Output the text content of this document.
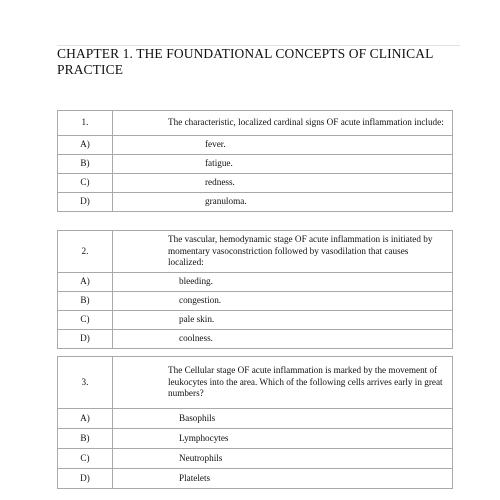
CHAPTER 1. THE FOUNDATIONAL CONCEPTS OF CLINICAL PRACTICE
1.	The characteristic, localized cardinal signs OF acute inflammation include:
A)	fever.
B)	fatigue.
C)	redness.
D)	granuloma.
2.	The vascular, hemodynamic stage OF acute inflammation is initiated by momentary vasoconstriction followed by vasodilation that causes localized:
A)	bleeding.
B)	congestion.
C)	pale skin.
D)	coolness.
3.	The Cellular stage OF acute inflammation is marked by the movement of leukocytes into the area. Which of the following cells arrives early in great numbers?
A)	Basophils
B)	Lymphocytes
C)	Neutrophils
D)	Platelets
